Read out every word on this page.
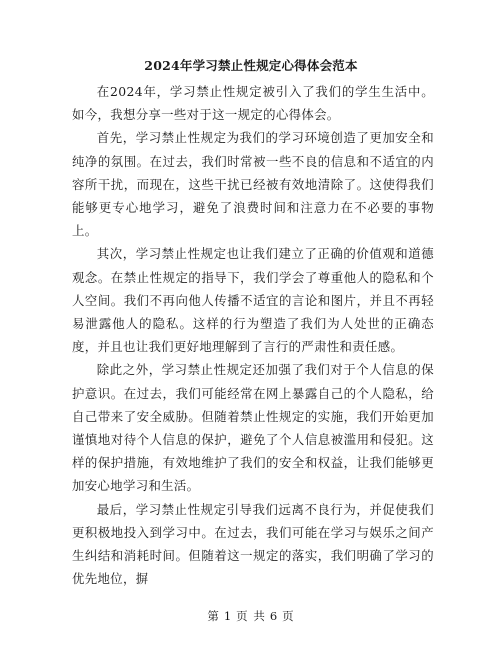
2024年学习禁止性规定心得体会范本

在2024年，学习禁止性规定被引入了我们的学生生活中。如今，我想分享一些对于这一规定的心得体会。

首先，学习禁止性规定为我们的学习环境创造了更加安全和纯净的氛围。在过去，我们时常被一些不良的信息和不适宜的内容所干扰，而现在，这些干扰已经被有效地清除了。这使得我们能够更专心地学习，避免了浪费时间和注意力在不必要的事物上。

其次，学习禁止性规定也让我们建立了正确的价值观和道德观念。在禁止性规定的指导下，我们学会了尊重他人的隐私和个人空间。我们不再向他人传播不适宜的言论和图片，并且不再轻易泄露他人的隐私。这样的行为塑造了我们为人处世的正确态度，并且也让我们更好地理解到了言行的严肃性和责任感。

除此之外，学习禁止性规定还加强了我们对于个人信息的保护意识。在过去，我们可能经常在网上暴露自己的个人隐私，给自己带来了安全威胁。但随着禁止性规定的实施，我们开始更加谨慎地对待个人信息的保护，避免了个人信息被滥用和侵犯。这样的保护措施，有效地维护了我们的安全和权益，让我们能够更加安心地学习和生活。

最后，学习禁止性规定引导我们远离不良行为，并促使我们更积极地投入到学习中。在过去，我们可能在学习与娱乐之间产生纠结和消耗时间。但随着这一规定的落实，我们明确了学习的优先地位，摒

第 1 页 共 6 页
